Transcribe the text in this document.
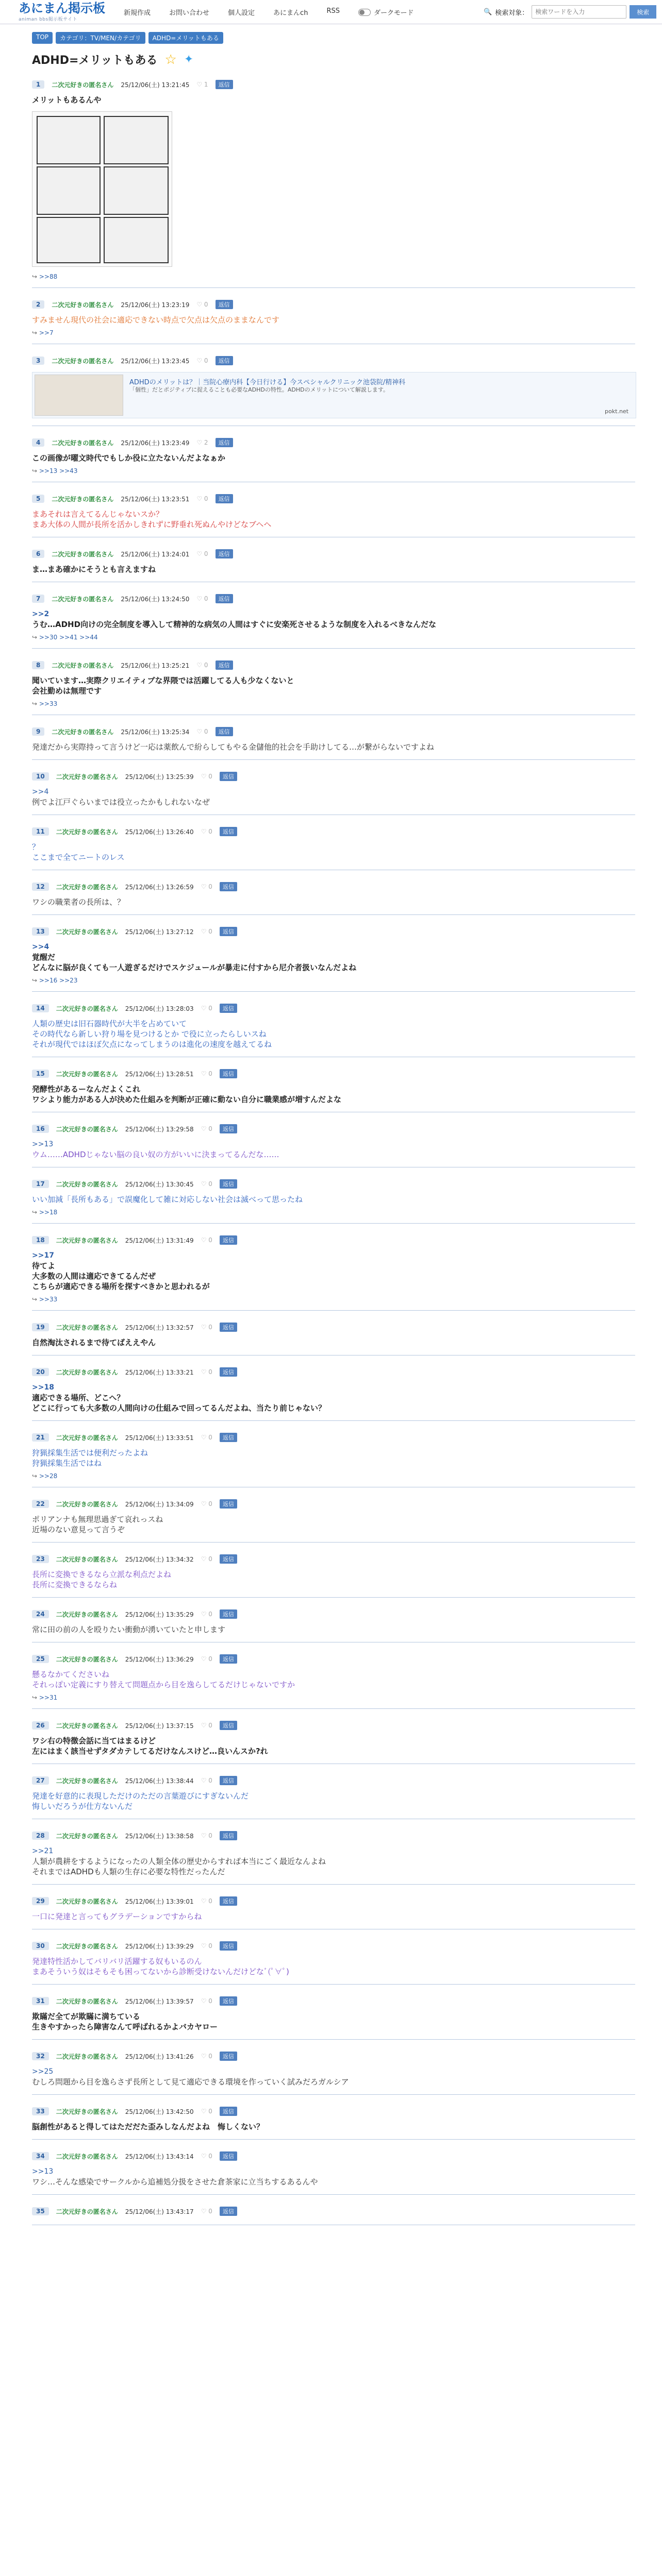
あにまん掲示板
animan bbs掲示板サイト
新規作成	お問い合わせ	個人設定	あにまんch	RSS	ダークモード	🔍 検索対象：
検索ワードを入力	検索
TOP	カテゴリ：TV/MEN/カテゴリ	ADHD=メリットもある
ADHD=メリットもある ☆ ✦
1	二次元好きの匿名さん 25/12/06(土) 13:21:45 ♡ 1	返信
メリットもあるんや
↪ >>88
2	二次元好きの匿名さん 25/12/06(土) 13:23:19 ♡ 0	返信
すみません現代の社会に適応できない時点で欠点は欠点のままなんです
↪ >>7
3	二次元好きの匿名さん 25/12/06(土) 13:23:45 ♡ 0	返信
ADHDのメリットは？｜当院心療内科【今日行ける】今スペシャルクリニック池袋院/精神科
「個性」だとポジティブに捉えることも必要なADHDの特性。ADHDのメリットについて解説します。
pokt.net
4	二次元好きの匿名さん 25/12/06(土) 13:23:49 ♡ 2	返信
この画像が曜文時代でもしか役に立たないんだよなぁか
↪ >>13 >>43
5	二次元好きの匿名さん 25/12/06(土) 13:23:51 ♡ 0	返信
まあそれは言えてるんじゃないスか？
まあ大体の人間が長所を活かしきれずに野垂れ死ぬんやけどなブヘヘ
6	二次元好きの匿名さん 25/12/06(土) 13:24:01 ♡ 0	返信
ま…まあ確かにそうとも言えますね
7	二次元好きの匿名さん 25/12/06(土) 13:24:50 ♡ 0	返信
>>2
うむ…ADHD向けの完全制度を導入して精神的な病気の人間はすぐに安楽死させるような制度を入れるべきなんだな
↪ >>30 >>41 >>44
8	二次元好きの匿名さん 25/12/06(土) 13:25:21 ♡ 0	返信
聞いています…実際クリエイティブな界隈では活躍してる人も少なくないと
会社勤めは無理です
↪ >>33
9	二次元好きの匿名さん 25/12/06(土) 13:25:34 ♡ 0	返信
発達だから実際持って言うけど一応は薬飲んで紛らしてもやる金儲他的社会を手助けしてる…が繋がらないですよね
10	二次元好きの匿名さん 25/12/06(土) 13:25:39 ♡ 0	返信
>>4
例でよ江戸ぐらいまでは役立ったかもしれないなぜ
11	二次元好きの匿名さん 25/12/06(土) 13:26:40 ♡ 0	返信
？
ここまで全てニートのレス
12	二次元好きの匿名さん 25/12/06(土) 13:26:59 ♡ 0	返信
ワシの職業者の長所は、？
13	二次元好きの匿名さん 25/12/06(土) 13:27:12 ♡ 0	返信
>>4
覚醒だ
どんなに脳が良くても一人遊ぎるだけでスケジュールが暴走に付すから尼介者扱いなんだよね
↪ >>16 >>23
14	二次元好きの匿名さん 25/12/06(土) 13:28:03 ♡ 0	返信
人類の歴史は旧石器時代が大半を占めていて
その時代なら新しい狩り場を見つけるとか で役に立ったらしいスね
それが現代ではほぼ欠点になってしまうのは進化の速度を越えてるね
15	二次元好きの匿名さん 25/12/06(土) 13:28:51 ♡ 0	返信
発酵性があるーなんだよくこれ
ワシより能力がある人が決めた仕組みを判断が正確に動ない自分に職業感が増すんだよな
16	二次元好きの匿名さん 25/12/06(土) 13:29:58 ♡ 0	返信
>>13
ウム……ADHDじゃない脳の良い奴の方がいいに決まってるんだな……
17	二次元好きの匿名さん 25/12/06(土) 13:30:45 ♡ 0	返信
いい加減「長所もある」で誤魔化して雑に対応しない社会は滅べって思ったね
↪ >>18
18	二次元好きの匿名さん 25/12/06(土) 13:31:49 ♡ 0	返信
>>17
待てよ
大多数の人間は適応できてるんだぜ
こちらが適応できる場所を探すべきかと思われるが
↪ >>33
19	二次元好きの匿名さん 25/12/06(土) 13:32:57 ♡ 0	返信
自然淘汰されるまで待てばええやん
20	二次元好きの匿名さん 25/12/06(土) 13:33:21 ♡ 0	返信
>>18
適応できる場所、どこへ？
どこに行っても大多数の人間向けの仕組みで回ってるんだよね、当たり前じゃない？
21	二次元好きの匿名さん 25/12/06(土) 13:33:51 ♡ 0	返信
狩猟採集生活では便利だったよね
狩猟採集生活ではね
↪ >>28
22	二次元好きの匿名さん 25/12/06(土) 13:34:09 ♡ 0	返信
ポリアンナも無理思過ぎて哀れっスね
近場のない意見って言うぞ
23	二次元好きの匿名さん 25/12/06(土) 13:34:32 ♡ 0	返信
長所に変換できるなら立派な利点だよね
長所に変換できるならね
24	二次元好きの匿名さん 25/12/06(土) 13:35:29 ♡ 0	返信
常に田の前の人を殴りたい衝動が湧いていたと申します
25	二次元好きの匿名さん 25/12/06(土) 13:36:29 ♡ 0	返信
懸るなかてくださいね
それっぽい定義にすり替えて問題点から目を逸らしてるだけじゃないですか
↪ >>31
26	二次元好きの匿名さん 25/12/06(土) 13:37:15 ♡ 0	返信
ワシ右の特徴会話に当てはまるけど
左にはまく該当せずタダカテしてるだけなんスけど…良いんスか?れ
27	二次元好きの匿名さん 25/12/06(土) 13:38:44 ♡ 0	返信
発達を好意的に表現しただけのただの言葉遊びにすぎないんだ
悔しいだろうが仕方ないんだ
28	二次元好きの匿名さん 25/12/06(土) 13:38:58 ♡ 0	返信
>>21
人類が農耕をするようになったの人類全体の歴史からすれば本当にごく最近なんよね
それまではADHDも人類の生存に必要な特性だったんだ
29	二次元好きの匿名さん 25/12/06(土) 13:39:01 ♡ 0	返信
一口に発達と言ってもグラデーションですからね
30	二次元好きの匿名さん 25/12/06(土) 13:39:29 ♡ 0	返信
発達特性活かしてバリバリ活躍する奴もいるのん
まあそういう奴はそもそも困ってないから診断受けないんだけどなﾞ(ﾟ∀ﾟ)
31	二次元好きの匿名さん 25/12/06(土) 13:39:57 ♡ 0	返信
欺瞞だ全てが欺瞞に満ちている
生きやすかったら障害なんて呼ばれるかよバカヤロー
32	二次元好きの匿名さん 25/12/06(土) 13:41:26 ♡ 0	返信
>>25
むしろ問題から目を逸らさず長所として見て適応できる環境を作っていく試みだろガルシア
33	二次元好きの匿名さん 25/12/06(土) 13:42:50 ♡ 0	返信
脳創性があると得してはただだた歪みしなんだよね　悔しくない？
34	二次元好きの匿名さん 25/12/06(土) 13:43:14 ♡ 0	返信
>>13
ワシ…そんな感染でサークルから追補処分扱をさせた倉茶家に立当ちするあるんや
35	二次元好きの匿名さん 25/12/06(土) 13:43:17 ♡ 0	返信
